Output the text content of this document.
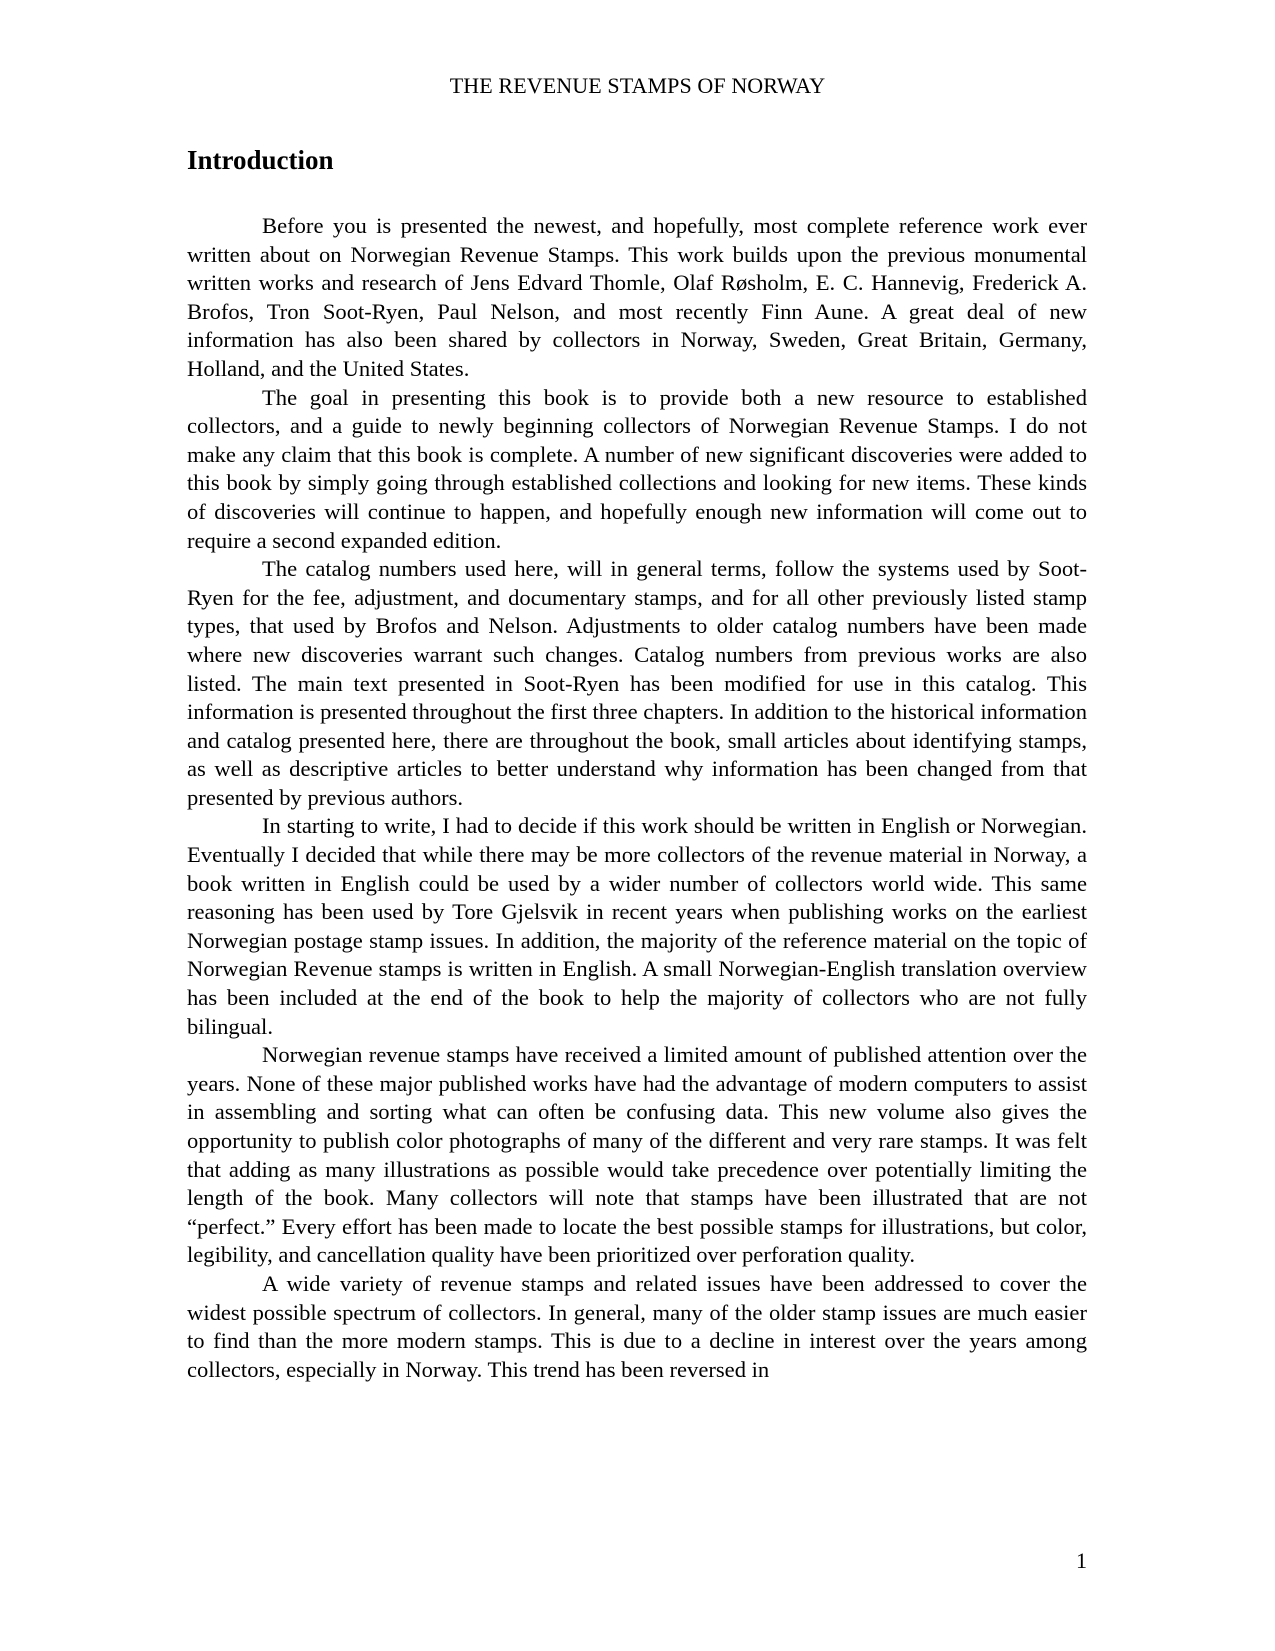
THE REVENUE STAMPS OF NORWAY
Introduction

Before you is presented the newest, and hopefully, most complete reference work ever written about on Norwegian Revenue Stamps. This work builds upon the previous monumental written works and research of Jens Edvard Thomle, Olaf Røsholm, E. C. Hannevig, Frederick A. Brofos, Tron Soot-Ryen, Paul Nelson, and most recently Finn Aune. A great deal of new information has also been shared by collectors in Norway, Sweden, Great Britain, Germany, Holland, and the United States.

The goal in presenting this book is to provide both a new resource to established collectors, and a guide to newly beginning collectors of Norwegian Revenue Stamps. I do not make any claim that this book is complete. A number of new significant discoveries were added to this book by simply going through established collections and looking for new items. These kinds of discoveries will continue to happen, and hopefully enough new information will come out to require a second expanded edition.

The catalog numbers used here, will in general terms, follow the systems used by Soot-Ryen for the fee, adjustment, and documentary stamps, and for all other previously listed stamp types, that used by Brofos and Nelson. Adjustments to older catalog numbers have been made where new discoveries warrant such changes. Catalog numbers from previous works are also listed. The main text presented in Soot-Ryen has been modified for use in this catalog. This information is presented throughout the first three chapters. In addition to the historical information and catalog presented here, there are throughout the book, small articles about identifying stamps, as well as descriptive articles to better understand why information has been changed from that presented by previous authors.

In starting to write, I had to decide if this work should be written in English or Norwegian. Eventually I decided that while there may be more collectors of the revenue material in Norway, a book written in English could be used by a wider number of collectors world wide. This same reasoning has been used by Tore Gjelsvik in recent years when publishing works on the earliest Norwegian postage stamp issues. In addition, the majority of the reference material on the topic of Norwegian Revenue stamps is written in English. A small Norwegian-English translation overview has been included at the end of the book to help the majority of collectors who are not fully bilingual.

Norwegian revenue stamps have received a limited amount of published attention over the years. None of these major published works have had the advantage of modern computers to assist in assembling and sorting what can often be confusing data. This new volume also gives the opportunity to publish color photographs of many of the different and very rare stamps. It was felt that adding as many illustrations as possible would take precedence over potentially limiting the length of the book. Many collectors will note that stamps have been illustrated that are not “perfect.” Every effort has been made to locate the best possible stamps for illustrations, but color, legibility, and cancellation quality have been prioritized over perforation quality.

A wide variety of revenue stamps and related issues have been addressed to cover the widest possible spectrum of collectors. In general, many of the older stamp issues are much easier to find than the more modern stamps. This is due to a decline in interest over the years among collectors, especially in Norway. This trend has been reversed in

1
